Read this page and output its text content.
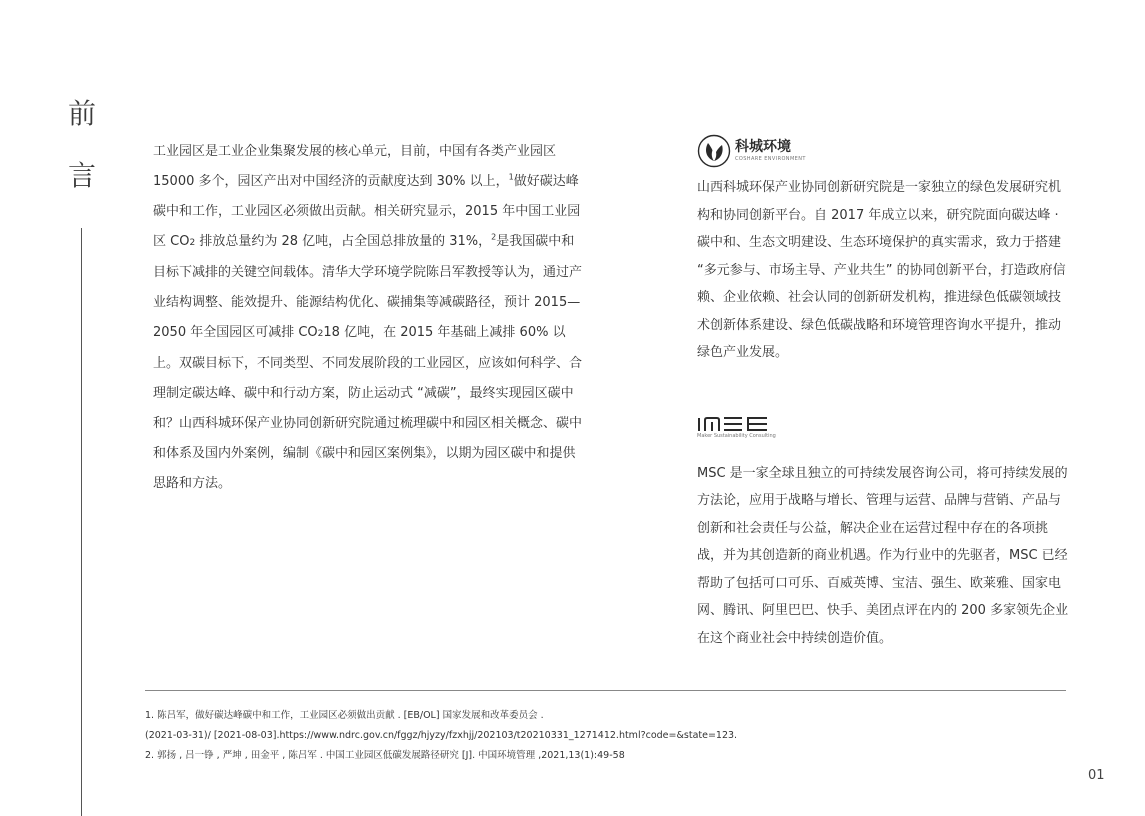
前
言
工业园区是工业企业集聚发展的核心单元，目前，中国有各类产业园区 15000 多个，园区产出对中国经济的贡献度达到 30% 以上，$^1$做好碳达峰碳中和工作，工业园区必须做出贡献。相关研究显示，2015 年中国工业园区 CO2 排放总量约为 28 亿吨，占全国总排放量的 31%，$^2$是我国碳中和目标下减排的关键空间载体。清华大学环境学院陈吕军教授等认为，通过产业结构调整、能效提升、能源结构优化、碳捕集等减碳路径，预计 2015—2050 年全国园区可减排 CO218 亿吨，在 2015 年基础上减排 60% 以上。双碳目标下，不同类型、不同发展阶段的工业园区，应该如何科学、合理制定碳达峰、碳中和行动方案，防止运动式 “减碳”，最终实现园区碳中和？山西科城环保产业协同创新研究院通过梳理碳中和园区相关概念、碳中和体系及国内外案例，编制《碳中和园区案例集》，以期为园区碳中和提供思路和方法。
科城环境
COSHARE ENVIRONMENT
山西科城环保产业协同创新研究院是一家独立的绿色发展研究机构和协同创新平台。自 2017 年成立以来，研究院面向碳达峰 · 碳中和、生态文明建设、生态环境保护的真实需求，致力于搭建 “多元参与、市场主导、产业共生” 的协同创新平台，打造政府信赖、企业依赖、社会认同的创新研发机构，推进绿色低碳领域技术创新体系建设、绿色低碳战略和环境管理咨询水平提升，推动绿色产业发展。
Maker Sustainability Consulting
MSC 是一家全球且独立的可持续发展咨询公司，将可持续发展的方法论，应用于战略与增长、管理与运营、品牌与营销、产品与创新和社会责任与公益，解决企业在运营过程中存在的各项挑战，并为其创造新的商业机遇。作为行业中的先驱者，MSC 已经帮助了包括可口可乐、百威英博、宝洁、强生、欧莱雅、国家电网、腾讯、阿里巴巴、快手、美团点评在内的 200 多家领先企业在这个商业社会中持续创造价值。
1. 陈吕军，做好碳达峰碳中和工作，工业园区必须做出贡献 . [EB/OL] 国家发展和改革委员会 .
(2021-03-31)/ [2021-08-03].https://www.ndrc.gov.cn/fggz/hjyzy/fzxhjj/202103/t20210331_1271412.html?code=&state=123.
2. 郭扬 , 吕一铮 , 严坤 , 田金平 , 陈吕军 . 中国工业园区低碳发展路径研究 [J]. 中国环境管理 ,2021,13(1):49-58
01
